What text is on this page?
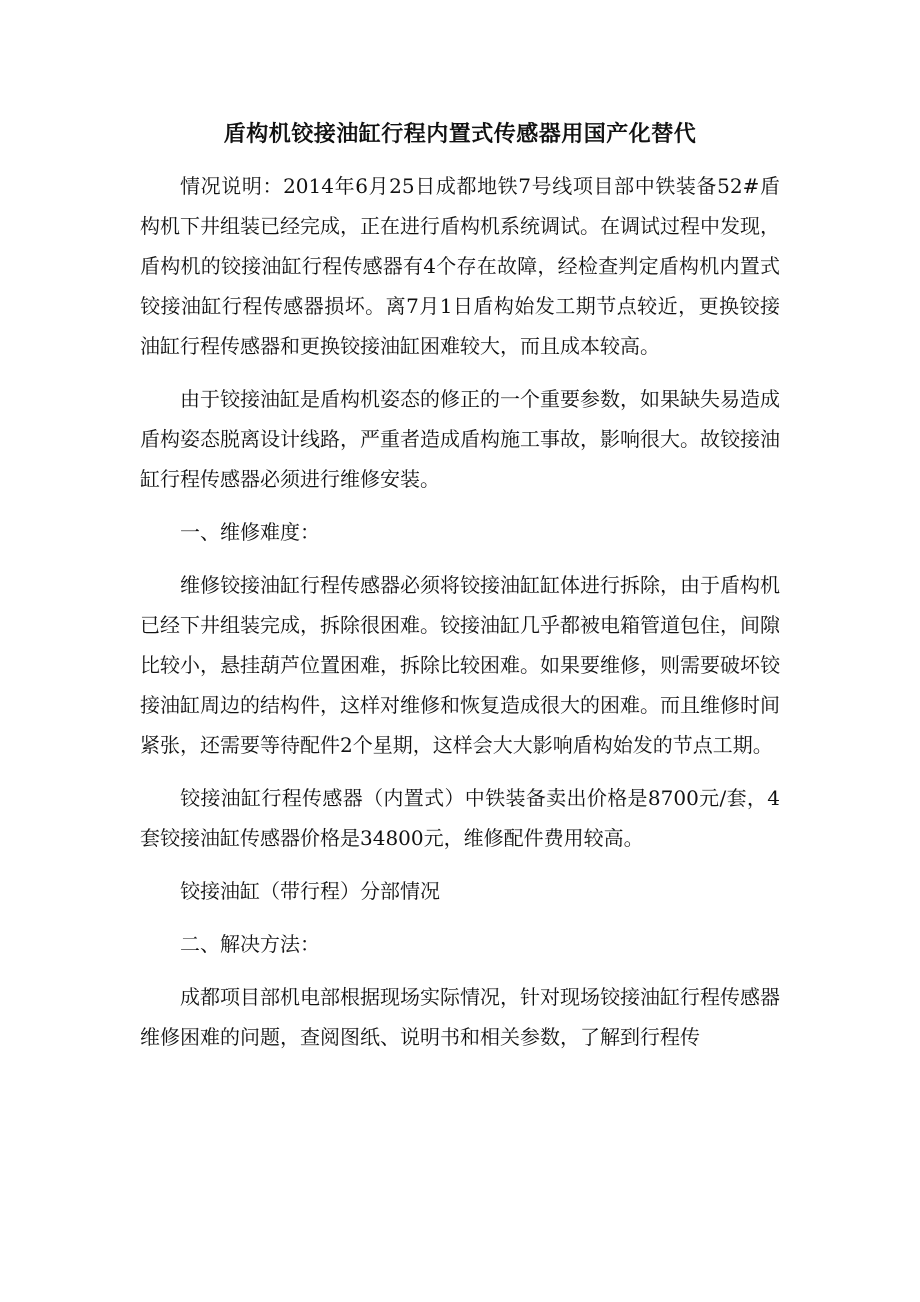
盾构机铰接油缸行程内置式传感器用国产化替代

情况说明：2014年6月25日成都地铁7号线项目部中铁装备52#盾构机下井组装已经完成，正在进行盾构机系统调试。在调试过程中发现，盾构机的铰接油缸行程传感器有4个存在故障，经检查判定盾构机内置式铰接油缸行程传感器损坏。离7月1日盾构始发工期节点较近，更换铰接油缸行程传感器和更换铰接油缸困难较大，而且成本较高。

由于铰接油缸是盾构机姿态的修正的一个重要参数，如果缺失易造成盾构姿态脱离设计线路，严重者造成盾构施工事故，影响很大。故铰接油缸行程传感器必须进行维修安装。

一、维修难度：

维修铰接油缸行程传感器必须将铰接油缸缸体进行拆除，由于盾构机已经下井组装完成，拆除很困难。铰接油缸几乎都被电箱管道包住，间隙比较小，悬挂葫芦位置困难，拆除比较困难。如果要维修，则需要破坏铰接油缸周边的结构件，这样对维修和恢复造成很大的困难。而且维修时间紧张，还需要等待配件2个星期，这样会大大影响盾构始发的节点工期。

铰接油缸行程传感器（内置式）中铁装备卖出价格是8700元/套，4套铰接油缸传感器价格是34800元，维修配件费用较高。

铰接油缸（带行程）分部情况

二、解决方法：

成都项目部机电部根据现场实际情况，针对现场铰接油缸行程传感器维修困难的问题，查阅图纸、说明书和相关参数，了解到行程传
